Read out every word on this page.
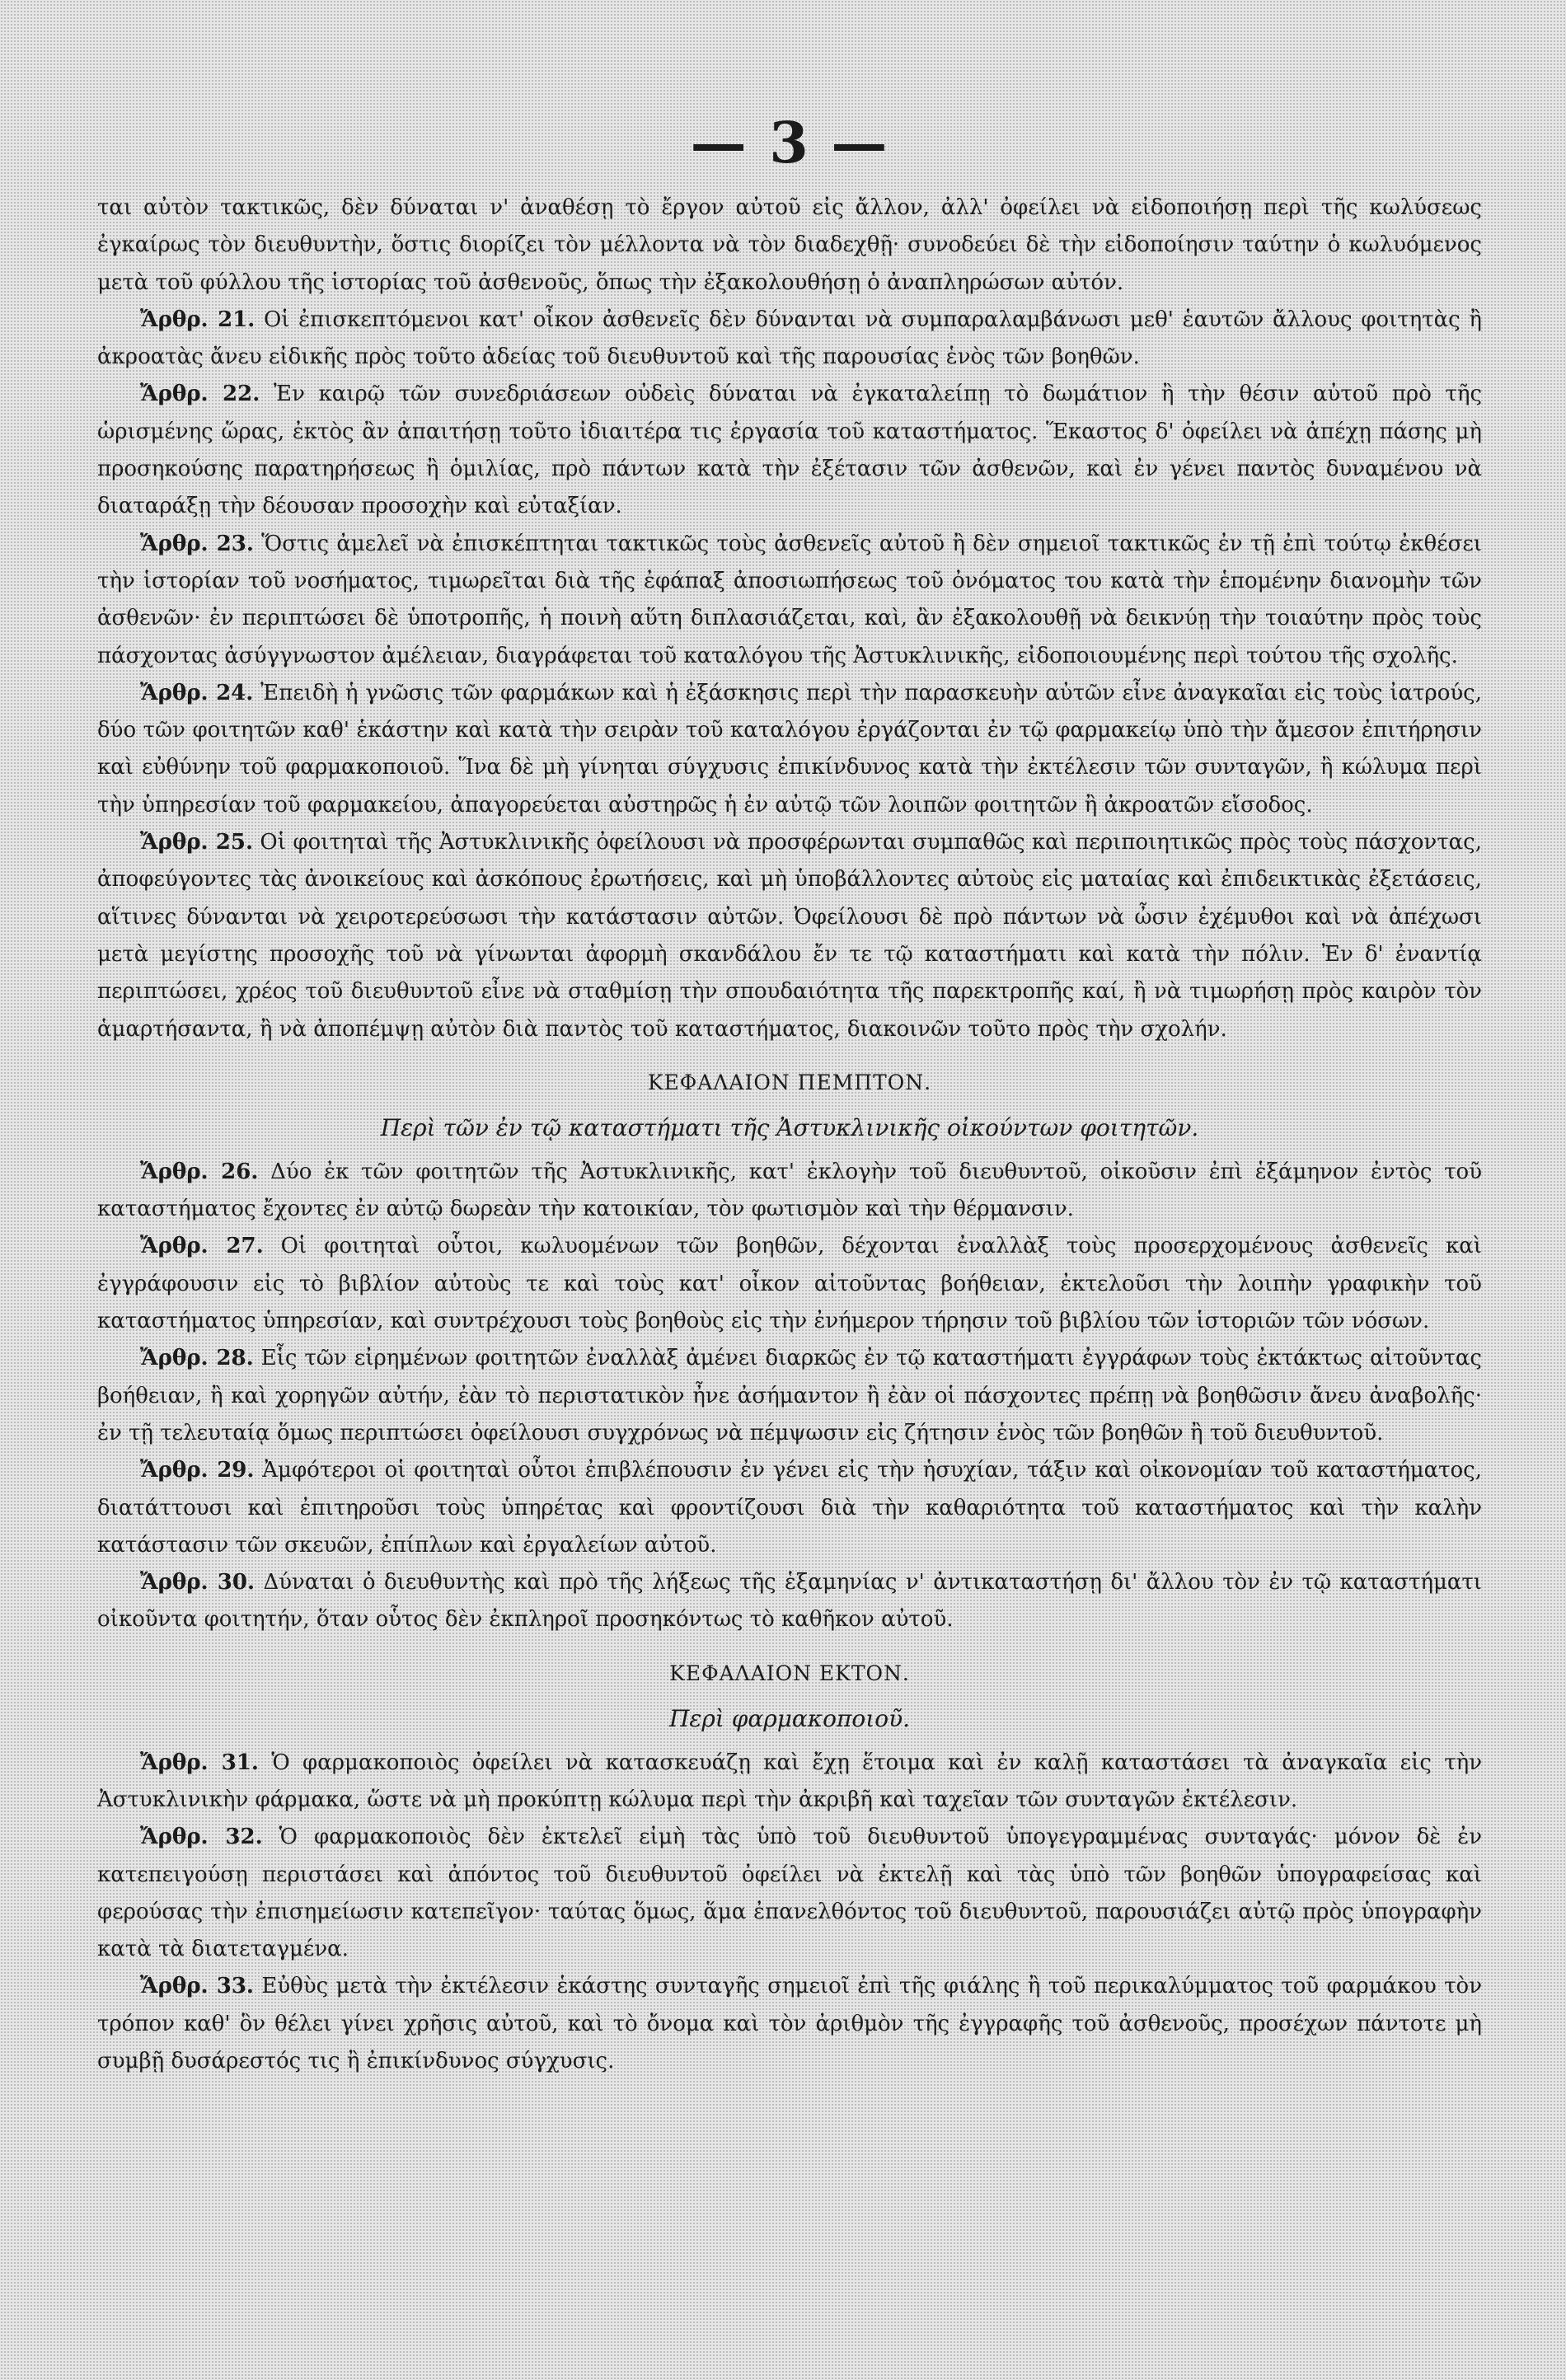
— 3 —

ται αὐτὸν τακτικῶς, δὲν δύναται ν' ἀναθέσῃ τὸ ἔργον αὐτοῦ εἰς ἄλλον, ἀλλ' ὀφείλει νὰ εἰδοποιήσῃ περὶ τῆς κωλύσεως ἐγκαίρως τὸν διευθυντὴν, ὅστις διορίζει τὸν μέλλοντα νὰ τὸν διαδεχθῇ· συνοδεύει δὲ τὴν εἰδοποίησιν ταύτην ὁ κωλυόμενος μετὰ τοῦ φύλλου τῆς ἱστορίας τοῦ ἀσθενοῦς, ὅπως τὴν ἐξακολουθήσῃ ὁ ἀναπληρώσων αὐτόν.

Ἄρθρ. 21. Οἱ ἐπισκεπτόμενοι κατ' οἶκον ἀσθενεῖς δὲν δύνανται νὰ συμπαραλαμβάνωσι μεθ' ἑαυτῶν ἄλλους φοιτητὰς ἢ ἀκροατὰς ἄνευ εἰδικῆς πρὸς τοῦτο ἀδείας τοῦ διευθυντοῦ καὶ τῆς παρουσίας ἑνὸς τῶν βοηθῶν.

Ἄρθρ. 22. Ἐν καιρῷ τῶν συνεδριάσεων οὐδεὶς δύναται νὰ ἐγκαταλείπῃ τὸ δωμάτιον ἢ τὴν θέσιν αὐτοῦ πρὸ τῆς ὡρισμένης ὥρας, ἐκτὸς ἂν ἀπαιτήσῃ τοῦτο ἰδιαιτέρα τις ἐργασία τοῦ καταστήματος. Ἕκαστος δ' ὀφείλει νὰ ἀπέχῃ πάσης μὴ προσηκούσης παρατηρήσεως ἢ ὁμιλίας, πρὸ πάντων κατὰ τὴν ἐξέτασιν τῶν ἀσθενῶν, καὶ ἐν γένει παντὸς δυναμένου νὰ διαταράξῃ τὴν δέουσαν προσοχὴν καὶ εὐταξίαν.

Ἄρθρ. 23. Ὅστις ἀμελεῖ νὰ ἐπισκέπτηται τακτικῶς τοὺς ἀσθενεῖς αὐτοῦ ἢ δὲν σημειοῖ τακτικῶς ἐν τῇ ἐπὶ τούτῳ ἐκθέσει τὴν ἱστορίαν τοῦ νοσήματος, τιμωρεῖται διὰ τῆς ἐφάπαξ ἀποσιωπήσεως τοῦ ὀνόματος του κατὰ τὴν ἑπομένην διανομὴν τῶν ἀσθενῶν· ἐν περιπτώσει δὲ ὑποτροπῆς, ἡ ποινὴ αὕτη διπλασιάζεται, καὶ, ἂν ἐξακολουθῇ νὰ δεικνύῃ τὴν τοιαύτην πρὸς τοὺς πάσχοντας ἀσύγγνωστον ἀμέλειαν, διαγράφεται τοῦ καταλόγου τῆς Ἀστυκλινικῆς, εἰδοποιουμένης περὶ τούτου τῆς σχολῆς.

Ἄρθρ. 24. Ἐπειδὴ ἡ γνῶσις τῶν φαρμάκων καὶ ἡ ἐξάσκησις περὶ τὴν παρασκευὴν αὐτῶν εἶνε ἀναγκαῖαι εἰς τοὺς ἰατρούς, δύο τῶν φοιτητῶν καθ' ἑκάστην καὶ κατὰ τὴν σειρὰν τοῦ καταλόγου ἐργάζονται ἐν τῷ φαρμακείῳ ὑπὸ τὴν ἄμεσον ἐπιτήρησιν καὶ εὐθύνην τοῦ φαρμακοποιοῦ. Ἵνα δὲ μὴ γίνηται σύγχυσις ἐπικίνδυνος κατὰ τὴν ἐκτέλεσιν τῶν συνταγῶν, ἢ κώλυμα περὶ τὴν ὑπηρεσίαν τοῦ φαρμακείου, ἀπαγορεύεται αὐστηρῶς ἡ ἐν αὐτῷ τῶν λοιπῶν φοιτητῶν ἢ ἀκροατῶν εἴσοδος.

Ἄρθρ. 25. Οἱ φοιτηταὶ τῆς Ἀστυκλινικῆς ὀφείλουσι νὰ προσφέρωνται συμπαθῶς καὶ περιποιητικῶς πρὸς τοὺς πάσχοντας, ἀποφεύγοντες τὰς ἀνοικείους καὶ ἀσκόπους ἐρωτήσεις, καὶ μὴ ὑποβάλλοντες αὐτοὺς εἰς ματαίας καὶ ἐπιδεικτικὰς ἐξετάσεις, αἵτινες δύνανται νὰ χειροτερεύσωσι τὴν κατάστασιν αὐτῶν. Ὀφείλουσι δὲ πρὸ πάντων νὰ ὦσιν ἐχέμυθοι καὶ νὰ ἀπέχωσι μετὰ μεγίστης προσοχῆς τοῦ νὰ γίνωνται ἀφορμὴ σκανδάλου ἔν τε τῷ καταστήματι καὶ κατὰ τὴν πόλιν. Ἐν δ' ἐναντίᾳ περιπτώσει, χρέος τοῦ διευθυντοῦ εἶνε νὰ σταθμίσῃ τὴν σπουδαιότητα τῆς παρεκτροπῆς καί, ἢ νὰ τιμωρήσῃ πρὸς καιρὸν τὸν ἁμαρτήσαντα, ἢ νὰ ἀποπέμψῃ αὐτὸν διὰ παντὸς τοῦ καταστήματος, διακοινῶν τοῦτο πρὸς τὴν σχολήν.

ΚΕΦΑΛΑΙΟΝ ΠΕΜΠΤΟΝ.
Περὶ τῶν ἐν τῷ καταστήματι τῆς Ἀστυκλινικῆς οἰκούντων φοιτητῶν.

Ἄρθρ. 26. Δύο ἐκ τῶν φοιτητῶν τῆς Ἀστυκλινικῆς, κατ' ἐκλογὴν τοῦ διευθυντοῦ, οἰκοῦσιν ἐπὶ ἑξάμηνον ἐντὸς τοῦ καταστήματος ἔχοντες ἐν αὐτῷ δωρεὰν τὴν κατοικίαν, τὸν φωτισμὸν καὶ τὴν θέρμανσιν.

Ἄρθρ. 27. Οἱ φοιτηταὶ οὗτοι, κωλυομένων τῶν βοηθῶν, δέχονται ἐναλλὰξ τοὺς προσερχομένους ἀσθενεῖς καὶ ἐγγράφουσιν εἰς τὸ βιβλίον αὐτοὺς τε καὶ τοὺς κατ' οἶκον αἰτοῦντας βοήθειαν, ἐκτελοῦσι τὴν λοιπὴν γραφικὴν τοῦ καταστήματος ὑπηρεσίαν, καὶ συντρέχουσι τοὺς βοηθοὺς εἰς τὴν ἐνήμερον τήρησιν τοῦ βιβλίου τῶν ἱστοριῶν τῶν νόσων.

Ἄρθρ. 28. Εἷς τῶν εἰρημένων φοιτητῶν ἐναλλὰξ ἀμένει διαρκῶς ἐν τῷ καταστήματι ἐγγράφων τοὺς ἐκτάκτως αἰτοῦντας βοήθειαν, ἢ καὶ χορηγῶν αὐτήν, ἐὰν τὸ περιστατικὸν ἦνε ἀσήμαντον ἢ ἐὰν οἱ πάσχοντες πρέπῃ νὰ βοηθῶσιν ἄνευ ἀναβολῆς· ἐν τῇ τελευταίᾳ ὅμως περιπτώσει ὀφείλουσι συγχρόνως νὰ πέμψωσιν εἰς ζήτησιν ἑνὸς τῶν βοηθῶν ἢ τοῦ διευθυντοῦ.

Ἄρθρ. 29. Ἀμφότεροι οἱ φοιτηταὶ οὗτοι ἐπιβλέπουσιν ἐν γένει εἰς τὴν ἡσυχίαν, τάξιν καὶ οἰκονομίαν τοῦ καταστήματος, διατάττουσι καὶ ἐπιτηροῦσι τοὺς ὑπηρέτας καὶ φροντίζουσι διὰ τὴν καθαριότητα τοῦ καταστήματος καὶ τὴν καλὴν κατάστασιν τῶν σκευῶν, ἐπίπλων καὶ ἐργαλείων αὐτοῦ.

Ἄρθρ. 30. Δύναται ὁ διευθυντὴς καὶ πρὸ τῆς λήξεως τῆς ἑξαμηνίας ν' ἀντικαταστήσῃ δι' ἄλλου τὸν ἐν τῷ καταστήματι οἰκοῦντα φοιτητήν, ὅταν οὗτος δὲν ἐκπληροῖ προσηκόντως τὸ καθῆκον αὐτοῦ.

ΚΕΦΑΛΑΙΟΝ ΕΚΤΟΝ.
Περὶ φαρμακοποιοῦ.

Ἄρθρ. 31. Ὁ φαρμακοποιὸς ὀφείλει νὰ κατασκευάζῃ καὶ ἔχῃ ἕτοιμα καὶ ἐν καλῇ καταστάσει τὰ ἀναγκαῖα εἰς τὴν Ἀστυκλινικὴν φάρμακα, ὥστε νὰ μὴ προκύπτῃ κώλυμα περὶ τὴν ἀκριβῆ καὶ ταχεῖαν τῶν συνταγῶν ἐκτέλεσιν.

Ἄρθρ. 32. Ὁ φαρμακοποιὸς δὲν ἐκτελεῖ εἰμὴ τὰς ὑπὸ τοῦ διευθυντοῦ ὑπογεγραμμένας συνταγάς· μόνον δὲ ἐν κατεπειγούσῃ περιστάσει καὶ ἀπόντος τοῦ διευθυντοῦ ὀφείλει νὰ ἐκτελῇ καὶ τὰς ὑπὸ τῶν βοηθῶν ὑπογραφείσας καὶ φερούσας τὴν ἐπισημείωσιν κατεπεῖγον· ταύτας ὅμως, ἅμα ἐπανελθόντος τοῦ διευθυντοῦ, παρουσιάζει αὐτῷ πρὸς ὑπογραφὴν κατὰ τὰ διατεταγμένα.

Ἄρθρ. 33. Εὐθὺς μετὰ τὴν ἐκτέλεσιν ἑκάστης συνταγῆς σημειοῖ ἐπὶ τῆς φιάλης ἢ τοῦ περικαλύμματος τοῦ φαρμάκου τὸν τρόπον καθ' ὃν θέλει γίνει χρῆσις αὐτοῦ, καὶ τὸ ὄνομα καὶ τὸν ἀριθμὸν τῆς ἐγγραφῆς τοῦ ἀσθενοῦς, προσέχων πάντοτε μὴ συμβῇ δυσάρεστός τις ἢ ἐπικίνδυνος σύγχυσις.
